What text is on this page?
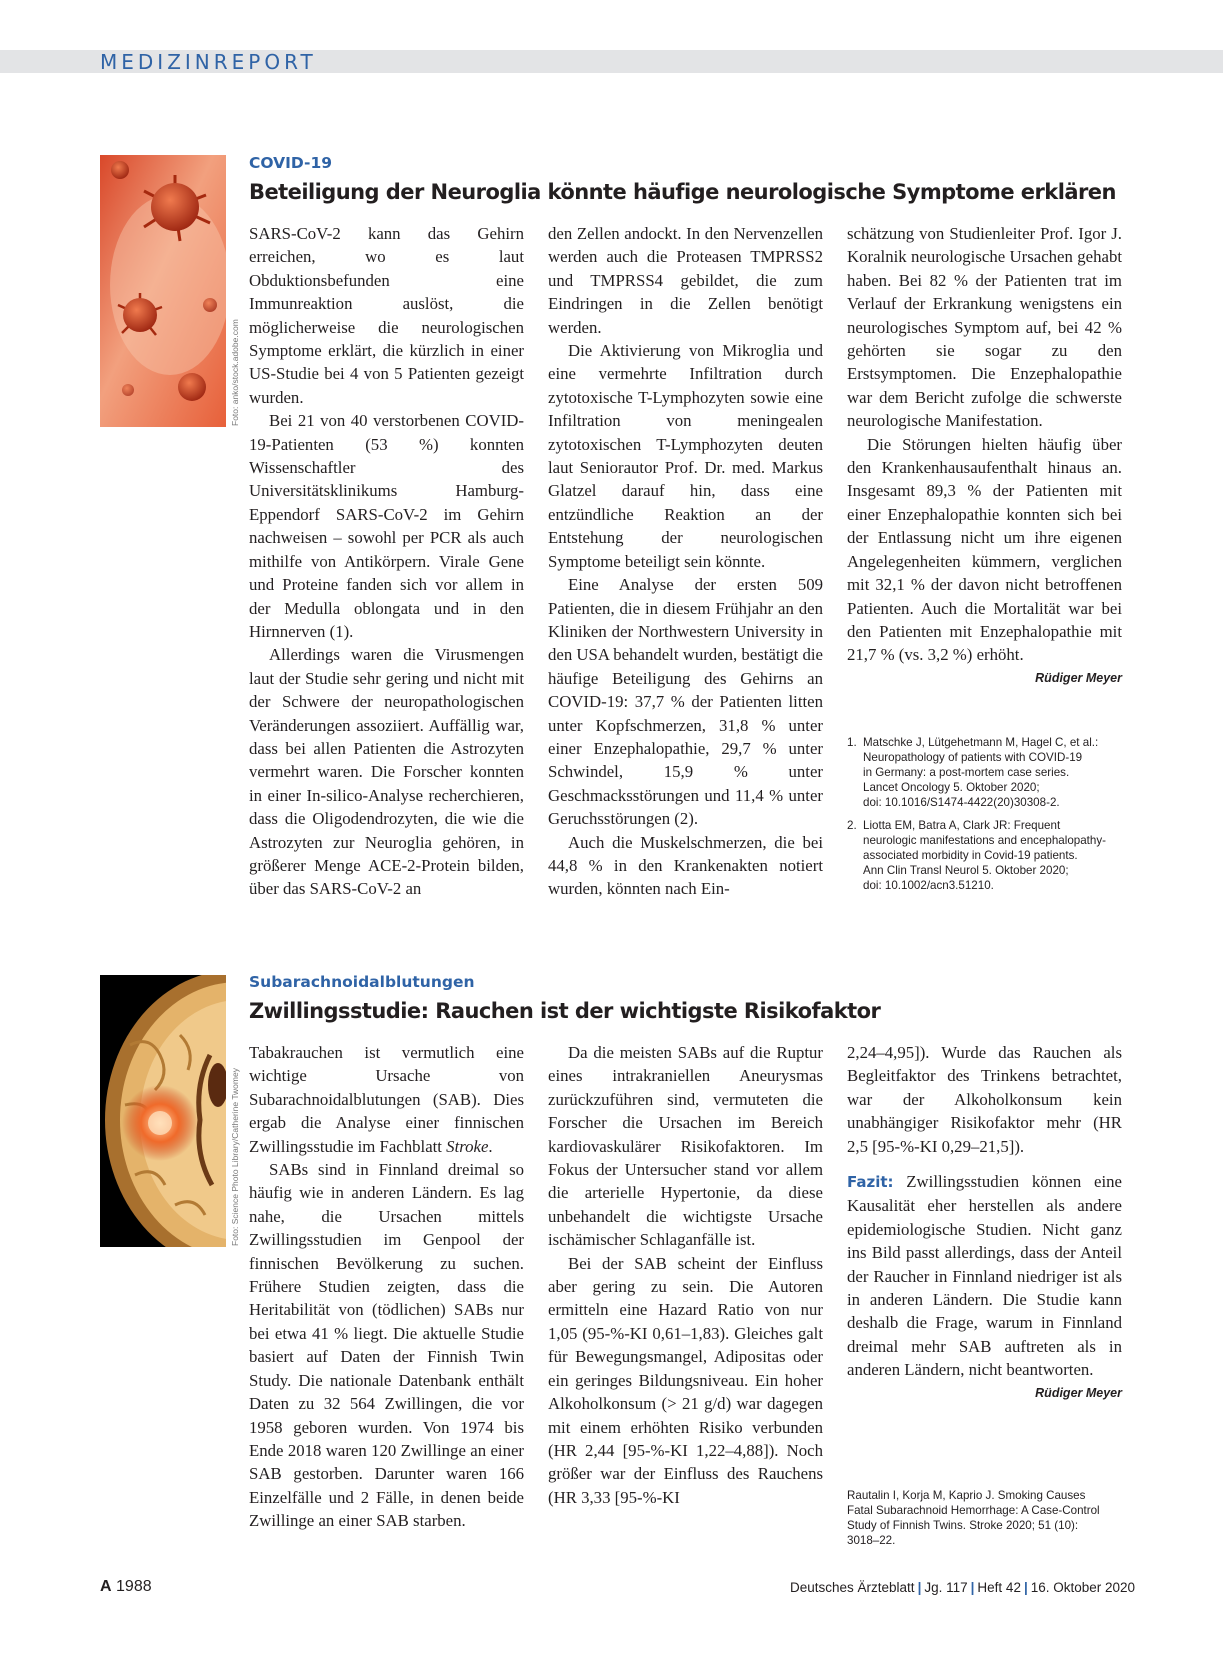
MEDIZINREPORT
Foto: anko/stock.adobe.com
COVID-19
Beteiligung der Neuroglia könnte häufige neurologische Symptome erklären

SARS-CoV-2 kann das Gehirn erreichen, wo es laut Obduktionsbefunden eine Immunreaktion auslöst, die möglicherweise die neurologischen Symptome erklärt, die kürzlich in einer US-Studie bei 4 von 5 Patienten gezeigt wurden.

Bei 21 von 40 verstorbenen COVID-19-Patienten (53 %) konnten Wissenschaftler des Universitätsklinikums Hamburg-Eppendorf SARS-CoV-2 im Gehirn nachweisen – sowohl per PCR als auch mithilfe von Antikörpern. Virale Gene und Proteine fanden sich vor allem in der Medulla oblongata und in den Hirnnerven (1).

Allerdings waren die Virusmengen laut der Studie sehr gering und nicht mit der Schwere der neuropathologischen Veränderungen assoziiert. Auffällig war, dass bei allen Patienten die Astrozyten vermehrt waren. Die Forscher konnten in einer In-silico-Analyse recherchieren, dass die Oligodendrozyten, die wie die Astrozyten zur Neuroglia gehören, in größerer Menge ACE-2-Protein bilden, über das SARS-CoV-2 an

den Zellen andockt. In den Nervenzellen werden auch die Proteasen TMPRSS2 und TMPRSS4 gebildet, die zum Eindringen in die Zellen benötigt werden.

Die Aktivierung von Mikroglia und eine vermehrte Infiltration durch zytotoxische T-Lymphozyten sowie eine Infiltration von meningealen zytotoxischen T-Lymphozyten deuten laut Seniorautor Prof. Dr. med. Markus Glatzel darauf hin, dass eine entzündliche Reaktion an der Entstehung der neurologischen Symptome beteiligt sein könnte.

Eine Analyse der ersten 509 Patienten, die in diesem Frühjahr an den Kliniken der Northwestern University in den USA behandelt wurden, bestätigt die häufige Beteiligung des Gehirns an COVID-19: 37,7 % der Patienten litten unter Kopfschmerzen, 31,8 % unter einer Enzephalopathie, 29,7 % unter Schwindel, 15,9 % unter Geschmacksstörungen und 11,4 % unter Geruchsstörungen (2).

Auch die Muskelschmerzen, die bei 44,8 % in den Krankenakten notiert wurden, könnten nach Ein-

schätzung von Studienleiter Prof. Igor J. Koralnik neurologische Ursachen gehabt haben. Bei 82 % der Patienten trat im Verlauf der Erkrankung wenigstens ein neurologisches Symptom auf, bei 42 % gehörten sie sogar zu den Erstsymptomen. Die Enzephalopathie war dem Bericht zufolge die schwerste neurologische Manifestation.

Die Störungen hielten häufig über den Krankenhausaufenthalt hinaus an. Insgesamt 89,3 % der Patienten mit einer Enzephalopathie konnten sich bei der Entlassung nicht um ihre eigenen Angelegenheiten kümmern, verglichen mit 32,1 % der davon nicht betroffenen Patienten. Auch die Mortalität war bei den Patienten mit Enzephalopathie mit 21,7 % (vs. 3,2 %) erhöht.
Rüdiger Meyer

1. Matschke J, Lütgehetmann M, Hagel C, et al.:
Neuropathology of patients with COVID-19
in Germany: a post-mortem case series.
Lancet Oncology 5. Oktober 2020;
doi: 10.1016/S1474-4422(20)30308-2.
2. Liotta EM, Batra A, Clark JR: Frequent
neurologic manifestations and encephalopathy-
associated morbidity in Covid-19 patients.
Ann Clin Transl Neurol 5. Oktober 2020;
doi: 10.1002/acn3.51210.
Foto: Science Photo Library/Catherine Twomey
Subarachnoidalblutungen
Zwillingsstudie: Rauchen ist der wichtigste Risikofaktor

Tabakrauchen ist vermutlich eine wichtige Ursache von Subarachnoidalblutungen (SAB). Dies ergab die Analyse einer finnischen Zwillingsstudie im Fachblatt Stroke.

SABs sind in Finnland dreimal so häufig wie in anderen Ländern. Es lag nahe, die Ursachen mittels Zwillingsstudien im Genpool der finnischen Bevölkerung zu suchen. Frühere Studien zeigten, dass die Heritabilität von (tödlichen) SABs nur bei etwa 41 % liegt. Die aktuelle Studie basiert auf Daten der Finnish Twin Study. Die nationale Datenbank enthält Daten zu 32 564 Zwillingen, die vor 1958 geboren wurden. Von 1974 bis Ende 2018 waren 120 Zwillinge an einer SAB gestorben. Darunter waren 166 Einzelfälle und 2 Fälle, in denen beide Zwillinge an einer SAB starben.

Da die meisten SABs auf die Ruptur eines intrakraniellen Aneurysmas zurückzuführen sind, vermuteten die Forscher die Ursachen im Bereich kardiovaskulärer Risikofaktoren. Im Fokus der Untersucher stand vor allem die arterielle Hypertonie, da diese unbehandelt die wichtigste Ursache ischämischer Schlaganfälle ist.

Bei der SAB scheint der Einfluss aber gering zu sein. Die Autoren ermitteln eine Hazard Ratio von nur 1,05 (95-%-KI 0,61–1,83). Gleiches galt für Bewegungsmangel, Adipositas oder ein geringes Bildungsniveau. Ein hoher Alkoholkonsum (> 21 g/d) war dagegen mit einem erhöhten Risiko verbunden (HR 2,44 [95-%-KI 1,22–4,88]). Noch größer war der Einfluss des Rauchens (HR 3,33 [95-%-KI

2,24–4,95]). Wurde das Rauchen als Begleitfaktor des Trinkens betrachtet, war der Alkoholkonsum kein unabhängiger Risikofaktor mehr (HR 2,5 [95-%-KI 0,29–21,5]).

Fazit: Zwillingsstudien können eine Kausalität eher herstellen als andere epidemiologische Studien. Nicht ganz ins Bild passt allerdings, dass der Anteil der Raucher in Finnland niedriger ist als in anderen Ländern. Die Studie kann deshalb die Frage, warum in Finnland dreimal mehr SAB auftreten als in anderen Ländern, nicht beantworten.
Rüdiger Meyer

Rautalin I, Korja M, Kaprio J. Smoking Causes
Fatal Subarachnoid Hemorrhage: A Case-Control
Study of Finnish Twins. Stroke 2020; 51 (10):
3018–22.
A 1988	Deutsches Ärzteblatt | Jg. 117 | Heft 42 | 16. Oktober 2020
